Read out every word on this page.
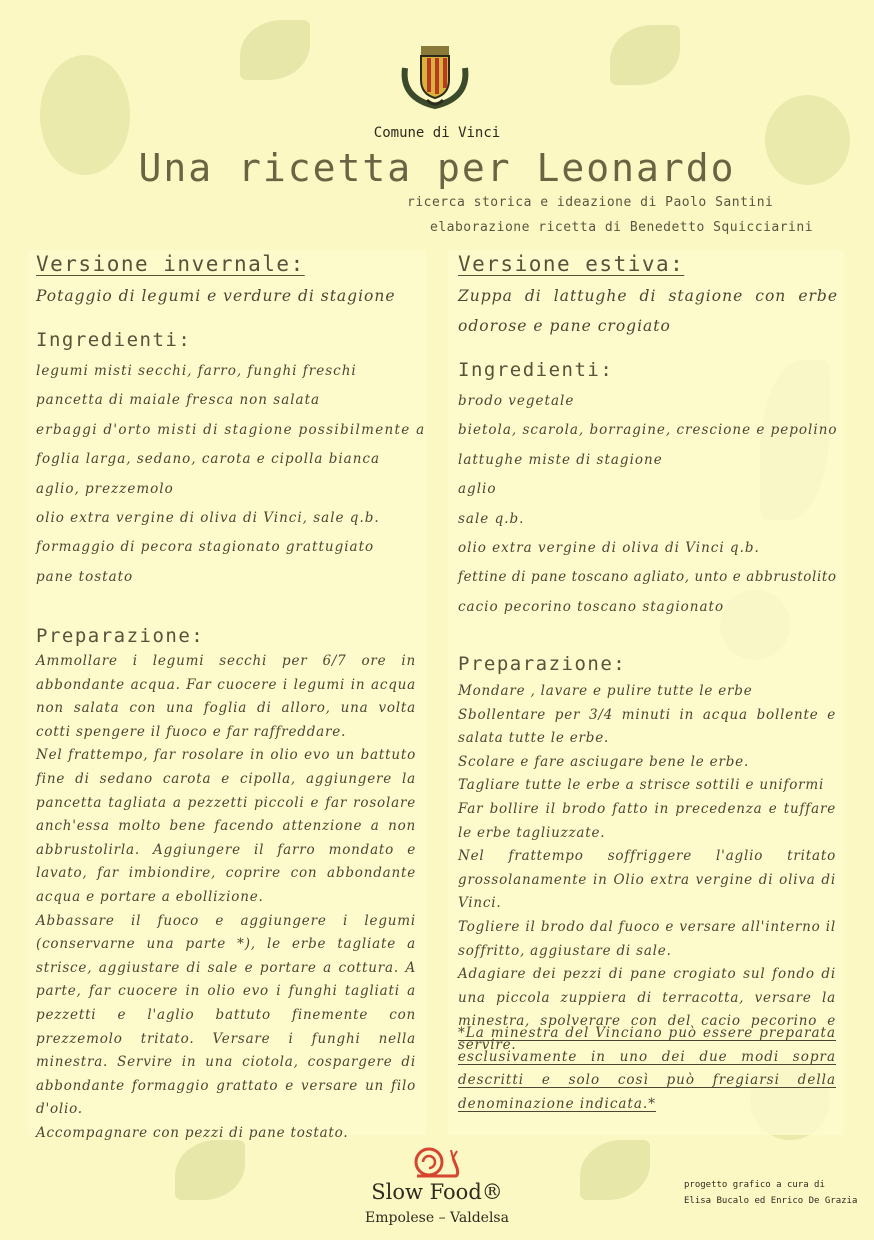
Comune di Vinci
Una ricetta per Leonardo
ricerca storica e ideazione di Paolo Santini
elaborazione ricetta di Benedetto Squicciarini
Versione invernale:
Potaggio di legumi e verdure di stagione
Ingredienti:
legumi misti secchi, farro, funghi freschi
pancetta di maiale fresca non salata
erbaggi d'orto misti di stagione possibilmente a
foglia larga, sedano, carota e cipolla bianca
aglio, prezzemolo
olio extra vergine di oliva di Vinci, sale q.b.
formaggio di pecora stagionato grattugiato
pane tostato
Preparazione:

Ammollare i legumi secchi per 6/7 ore in abbondante acqua. Far cuocere i legumi in acqua non salata con una foglia di alloro, una volta cotti spengere il fuoco e far raffreddare.

Nel frattempo, far rosolare in olio evo un battuto fine di sedano carota e cipolla, aggiungere la pancetta tagliata a pezzetti piccoli e far rosolare anch'essa molto bene facendo attenzione a non abbrustolirla. Aggiungere il farro mondato e lavato, far imbiondire, coprire con abbondante acqua e portare a ebollizione.

Abbassare il fuoco e aggiungere i legumi (conservarne una parte *), le erbe tagliate a strisce, aggiustare di sale e portare a cottura. A parte, far cuocere in olio evo i funghi tagliati a pezzetti e l'aglio battuto finemente con prezzemolo tritato. Versare i funghi nella minestra. Servire in una ciotola, cospargere di abbondante formaggio grattato e versare un filo d'olio.

Accompagnare con pezzi di pane tostato.

Versione estiva:
Zuppa di lattughe di stagione con erbe odorose e pane crogiato
Ingredienti:
brodo vegetale
bietola, scarola, borragine, crescione e pepolino
lattughe miste di stagione
aglio
sale q.b.
olio extra vergine di oliva di Vinci q.b.
fettine di pane toscano agliato, unto e abbrustolito
cacio pecorino toscano stagionato
Preparazione:

Mondare , lavare e pulire tutte le erbe

Sbollentare per 3/4 minuti in acqua bollente e salata tutte le erbe.

Scolare e fare asciugare bene le erbe.

Tagliare tutte le erbe a strisce sottili e uniformi

Far bollire il brodo fatto in precedenza e tuffare le erbe tagliuzzate.

Nel frattempo soffriggere l'aglio tritato grossolanamente in Olio extra vergine di oliva di Vinci.

Togliere il brodo dal fuoco e versare all'interno il soffritto, aggiustare di sale.

Adagiare dei pezzi di pane crogiato sul fondo di una piccola zuppiera di terracotta, versare la minestra, spolverare con del cacio pecorino e servire.

*La minestra del Vinciano può essere preparata esclusivamente in uno dei due modi sopra descritti e solo così può fregiarsi della denominazione indicata.*
Slow Food®
Empolese – Valdelsa
progetto grafico a cura di
Elisa Bucalo ed Enrico De Grazia
